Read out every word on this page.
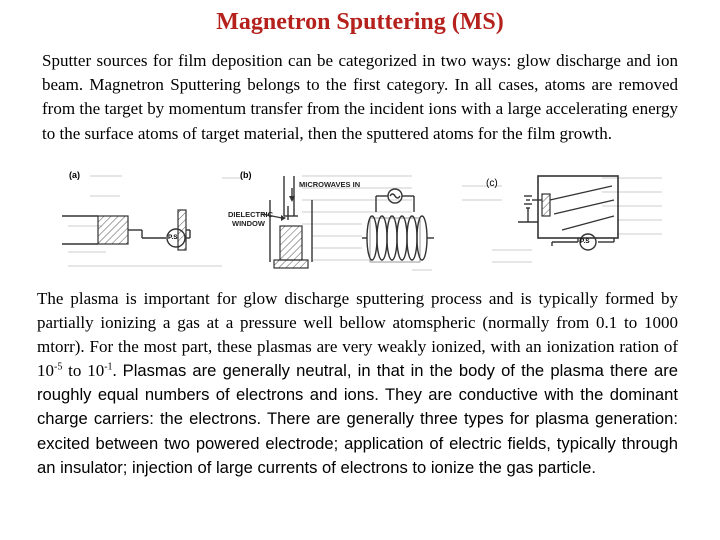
Magnetron Sputtering (MS)

Sputter sources for film deposition can be categorized in two ways: glow discharge and ion beam. Magnetron Sputtering belongs to the first category. In all cases, atoms are removed from the target by momentum transfer from the incident ions with a large accelerating energy to the surface atoms of target material, then the sputtered atoms for the film growth.

MICROWAVES IN
DIELECTRIC
WINDOW
(a)	(b)
(c)
P.S
P.S

The plasma is important for glow discharge sputtering process and is typically formed by partially ionizing a gas at a pressure well bellow atomspheric (normally from 0.1 to 1000 mtorr). For the most part, these plasmas are very weakly ionized, with an ionization ration of $10^{-5}$ to $10^{-1}$. Plasmas are generally neutral, in that in the body of the plasma there are roughly equal numbers of electrons and ions. They are conductive with the dominant charge carriers: the electrons. There are generally three types for plasma generation: excited between two powered electrode; application of electric fields, typically through an insulator; injection of large currents of electrons to ionize the gas particle.
